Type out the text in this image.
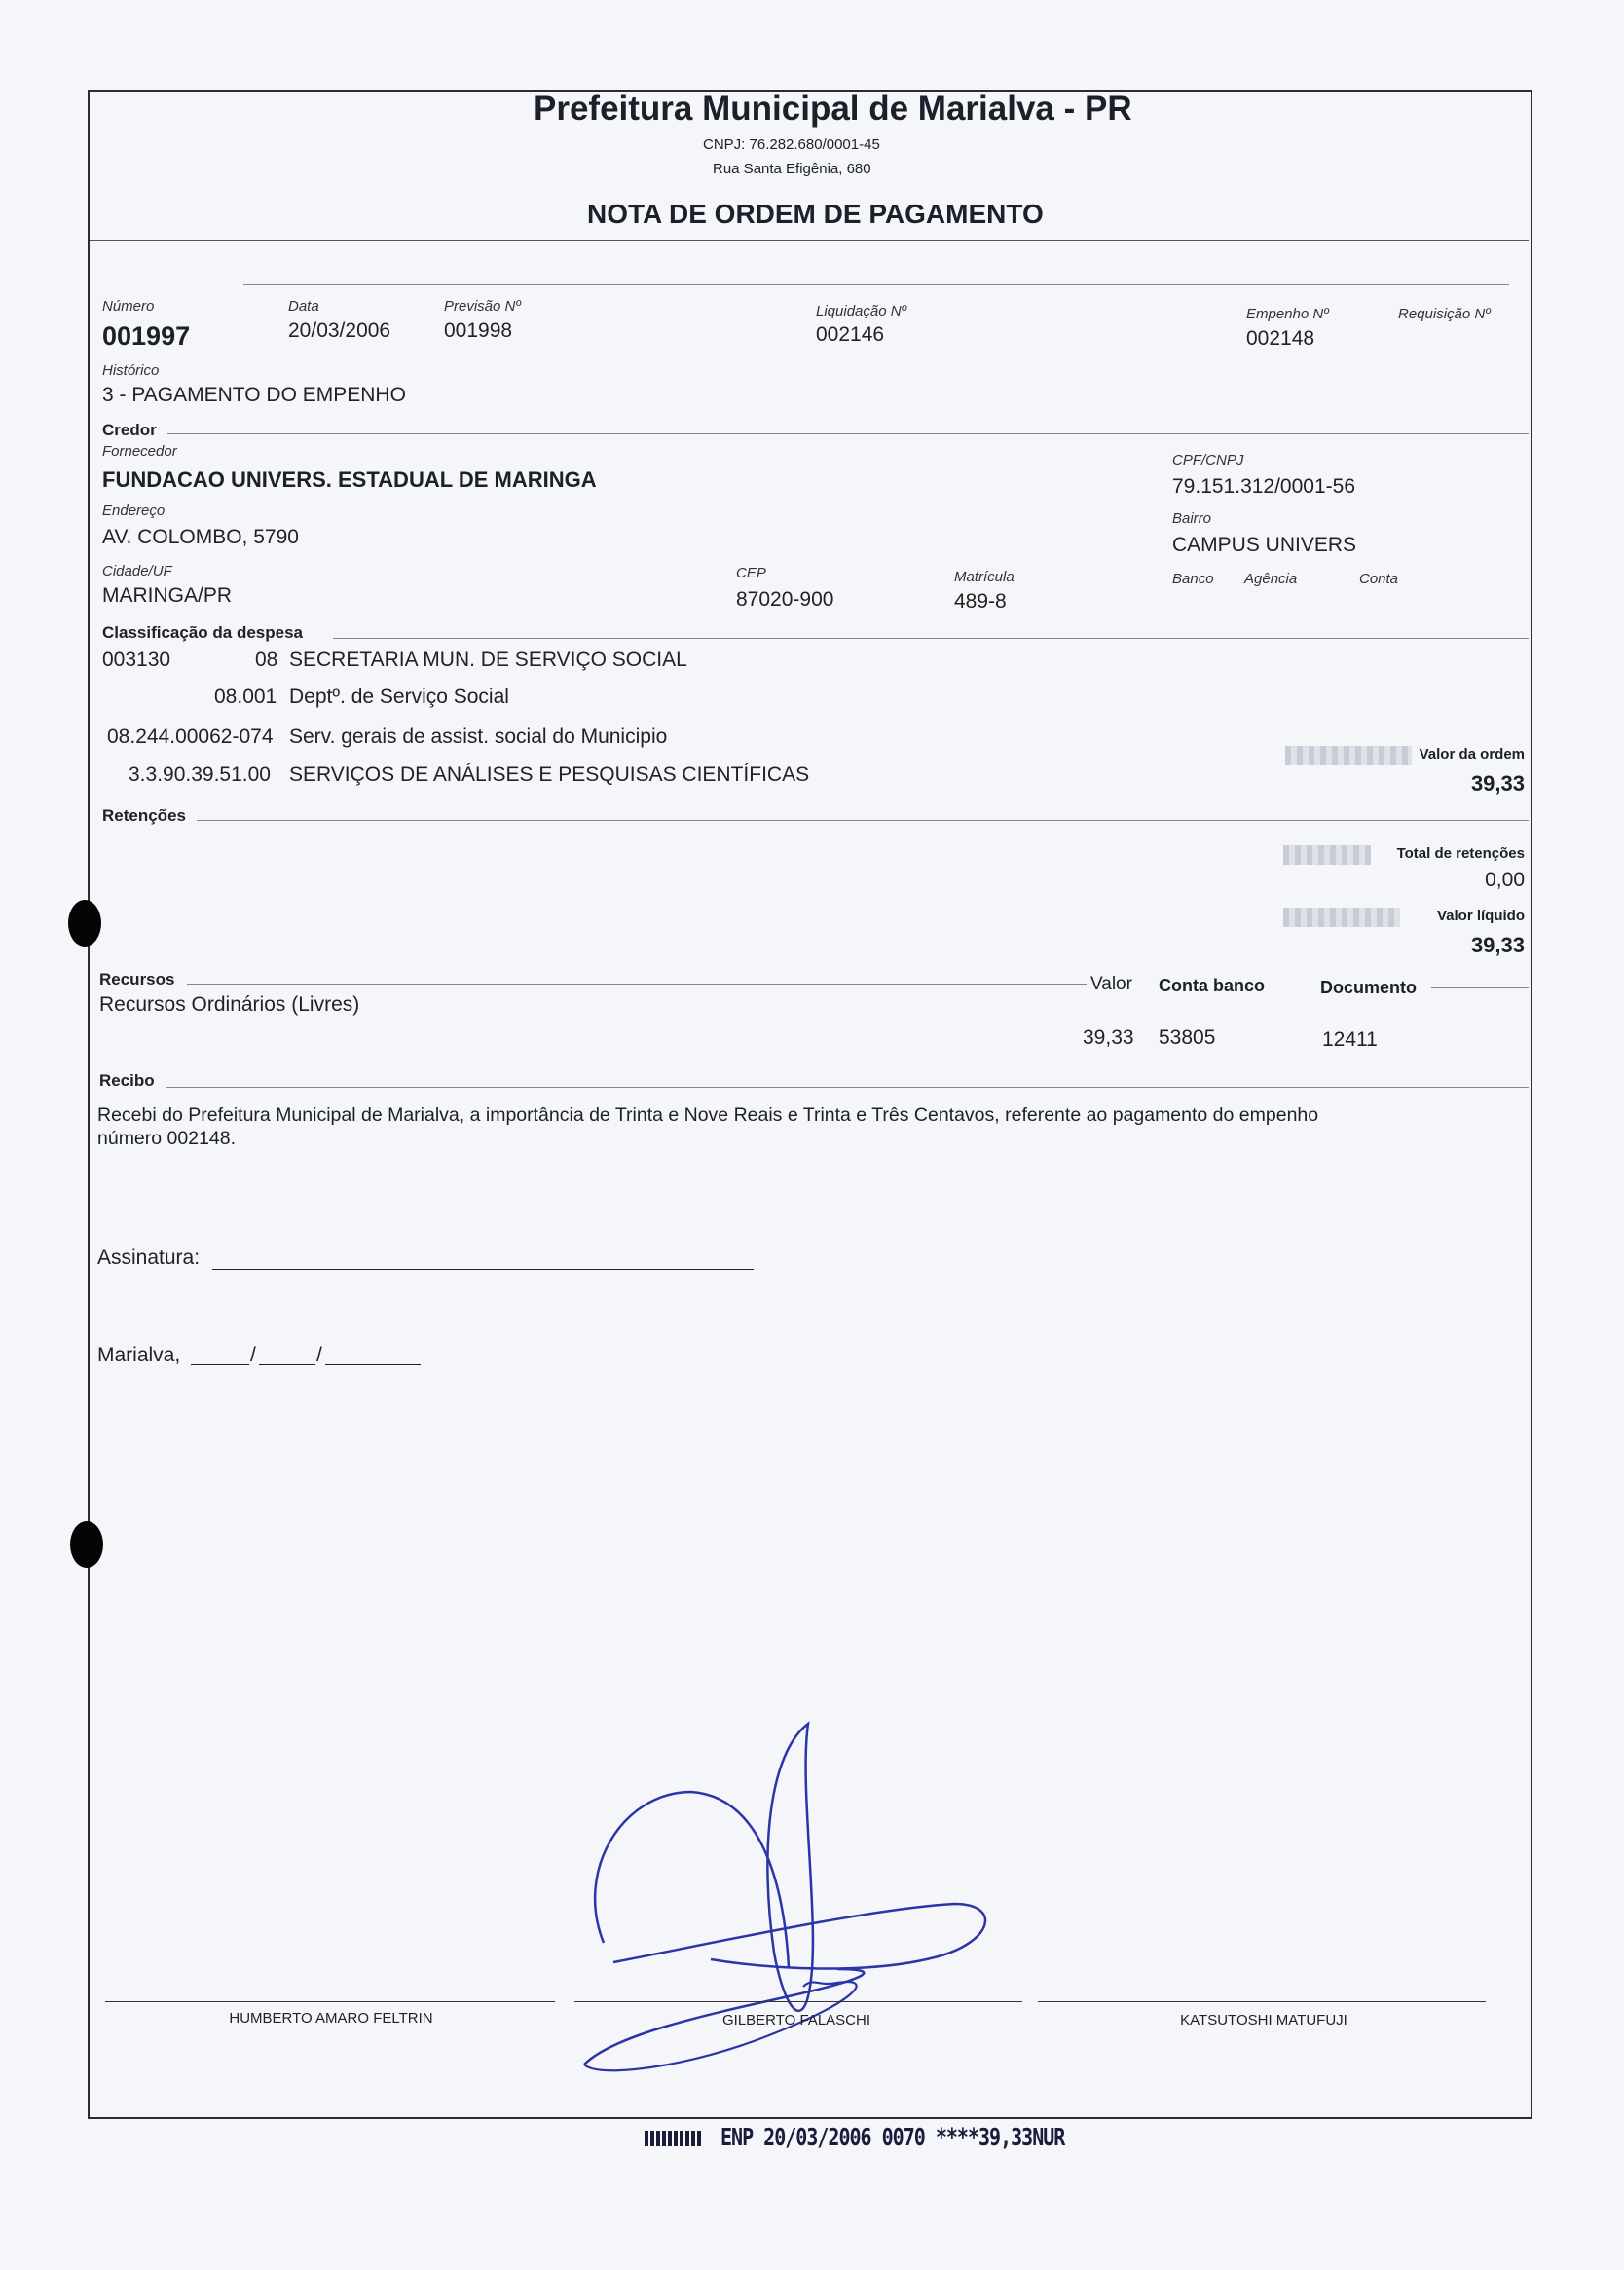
Prefeitura Municipal de Marialva - PR
CNPJ: 76.282.680/0001-45
Rua Santa Efigênia, 680
NOTA DE ORDEM DE PAGAMENTO
Número
001997
Data
20/03/2006
Previsão Nº
001998
Liquidação Nº
002146
Empenho Nº
002148
Requisição Nº
Histórico
3 - PAGAMENTO DO EMPENHO
Credor
Fornecedor
FUNDACAO UNIVERS. ESTADUAL DE MARINGA
CPF/CNPJ
79.151.312/0001-56
Endereço
AV. COLOMBO, 5790
Bairro
CAMPUS UNIVERS
Cidade/UF
MARINGA/PR
CEP
87020-900
Matrícula
489-8
Banco Agência	Conta
Classificação da despesa
003130	08 SECRETARIA MUN. DE SERVIÇO SOCIAL
08.001 Deptº. de Serviço Social
08.244.00062-074 Serv. gerais de assist. social do Municipio
3.3.90.39.51.00 SERVIÇOS DE ANÁLISES E PESQUISAS CIENTÍFICAS
Valor da ordem
39,33
Retenções
Total de retenções
0,00
Valor líquido
39,33
Recursos	Valor Conta banco	Documento
Recursos Ordinários (Livres)
39,33 53805	12411
Recibo
Recebi do Prefeitura Municipal de Marialva, a importância de Trinta e Nove Reais e Trinta e Três Centavos, referente ao pagamento do empenho
número 002148.
Assinatura:
Marialva,	/	/
HUMBERTO AMARO FELTRIN	GILBERTO FALASCHI	KATSUTOSHI MATUFUJI
ENP 20/03/2006 0070 ****39,33NUR
